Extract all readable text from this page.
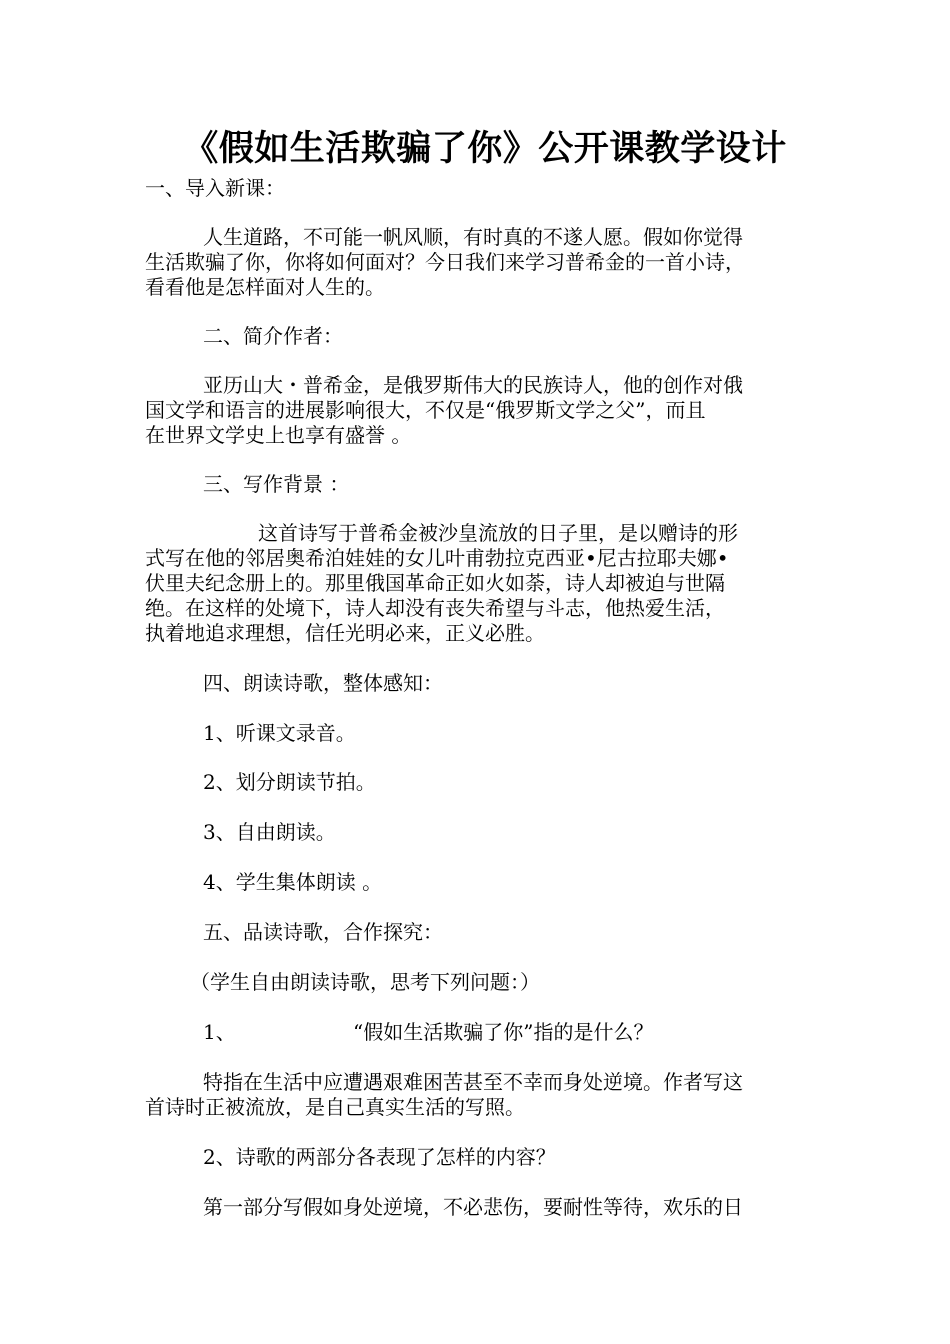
《假如生活欺骗了你》公开课教学设计

一、导入新课：

人生道路，不可能一帆风顺，有时真的不遂人愿。假如你觉得

生活欺骗了你，你将如何面对？今日我们来学习普希金的一首小诗，

看看他是怎样面对人生的。

二、简介作者：

亚历山大・普希金，是俄罗斯伟大的民族诗人，他的创作对俄

国文学和语言的进展影响很大，不仅是“俄罗斯文学之父”，而且

在世界文学史上也享有盛誉 。

三、写作背景 ：

这首诗写于普希金被沙皇流放的日子里，是以赠诗的形

式写在他的邻居奥希泊娃娃的女儿叶甫勃拉克西亚•尼古拉耶夫娜•

伏里夫纪念册上的。那里俄国革命正如火如荼，诗人却被迫与世隔

绝。在这样的处境下，诗人却没有丧失希望与斗志，他热爱生活，

执着地追求理想，信任光明必来，正义必胜。

四、朗读诗歌，整体感知：

1、听课文录音。

2、划分朗读节拍。

3、自由朗读。

4、学生集体朗读 。

五、品读诗歌，合作探究：

（学生自由朗读诗歌，思考下列问题：）

1、	“假如生活欺骗了你”指的是什么？

特指在生活中应遭遇艰难困苦甚至不幸而身处逆境。作者写这

首诗时正被流放，是自己真实生活的写照。

2、诗歌的两部分各表现了怎样的内容？

第一部分写假如身处逆境，不必悲伤，要耐性等待，欢乐的日
